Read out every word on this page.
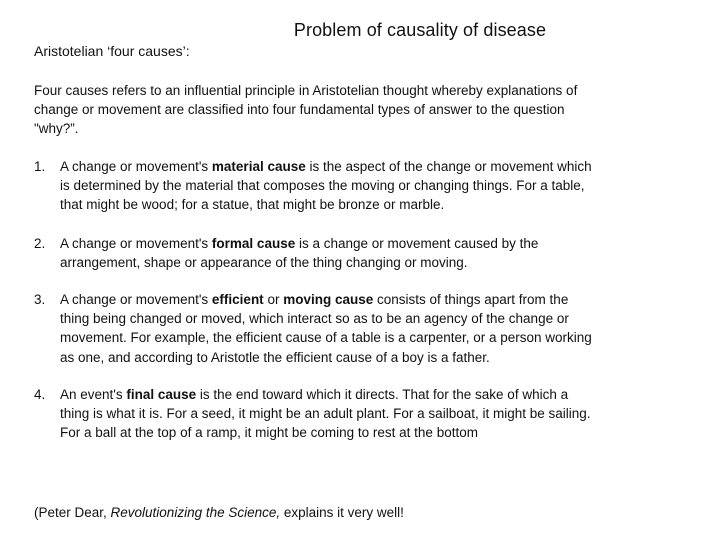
Problem of causality of disease
Aristotelian ‘four causes’:
Four causes refers to an influential principle in Aristotelian thought whereby explanations of change or movement are classified into four fundamental types of answer to the question "why?”.
1. A change or movement's material cause is the aspect of the change or movement which is determined by the material that composes the moving or changing things. For a table, that might be wood; for a statue, that might be bronze or marble.
2. A change or movement's formal cause is a change or movement caused by the arrangement, shape or appearance of the thing changing or moving.
3. A change or movement's efficient or moving cause consists of things apart from the thing being changed or moved, which interact so as to be an agency of the change or movement. For example, the efficient cause of a table is a carpenter, or a person working as one, and according to Aristotle the efficient cause of a boy is a father.
4. An event's final cause is the end toward which it directs. That for the sake of which a thing is what it is. For a seed, it might be an adult plant. For a sailboat, it might be sailing. For a ball at the top of a ramp, it might be coming to rest at the bottom
(Peter Dear, Revolutionizing the Science, explains it very well!
